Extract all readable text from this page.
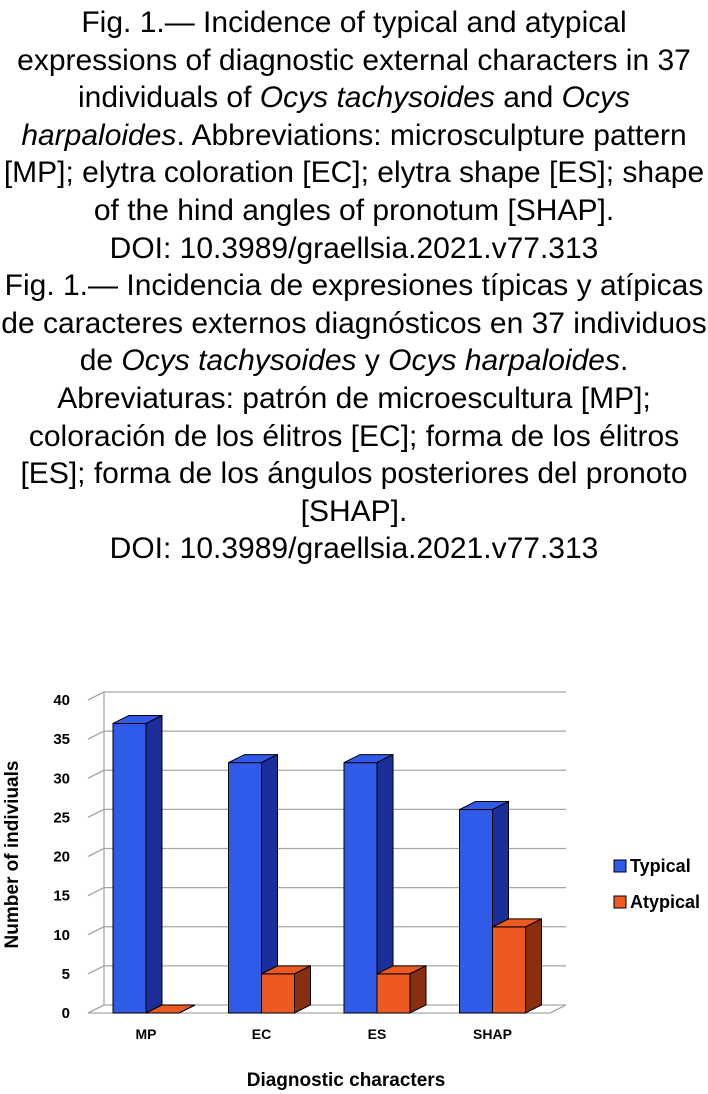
Fig. 1.— Incidence of typical and atypical expressions of diagnostic external characters in 37 individuals of Ocys tachysoides and Ocys harpaloides. Abbreviations: microsculpture pattern [MP]; elytra coloration [EC]; elytra shape [ES]; shape of the hind angles of pronotum [SHAP].
DOI: 10.3989/graellsia.2021.v77.313

Fig. 1.— Incidencia de expresiones típicas y atípicas de caracteres externos diagnósticos en 37 individuos de Ocys tachysoides y Ocys harpaloides. Abreviaturas: patrón de microescultura [MP]; coloración de los élitros [EC]; forma de los élitros [ES]; forma de los ángulos posteriores del pronoto [SHAP].
DOI: 10.3989/graellsia.2021.v77.313

0
5
10
15
20
25
30
35
40
MP	EC	ES	SHAP
Number of indiviuals
Diagnostic characters
Typical
Atypical
